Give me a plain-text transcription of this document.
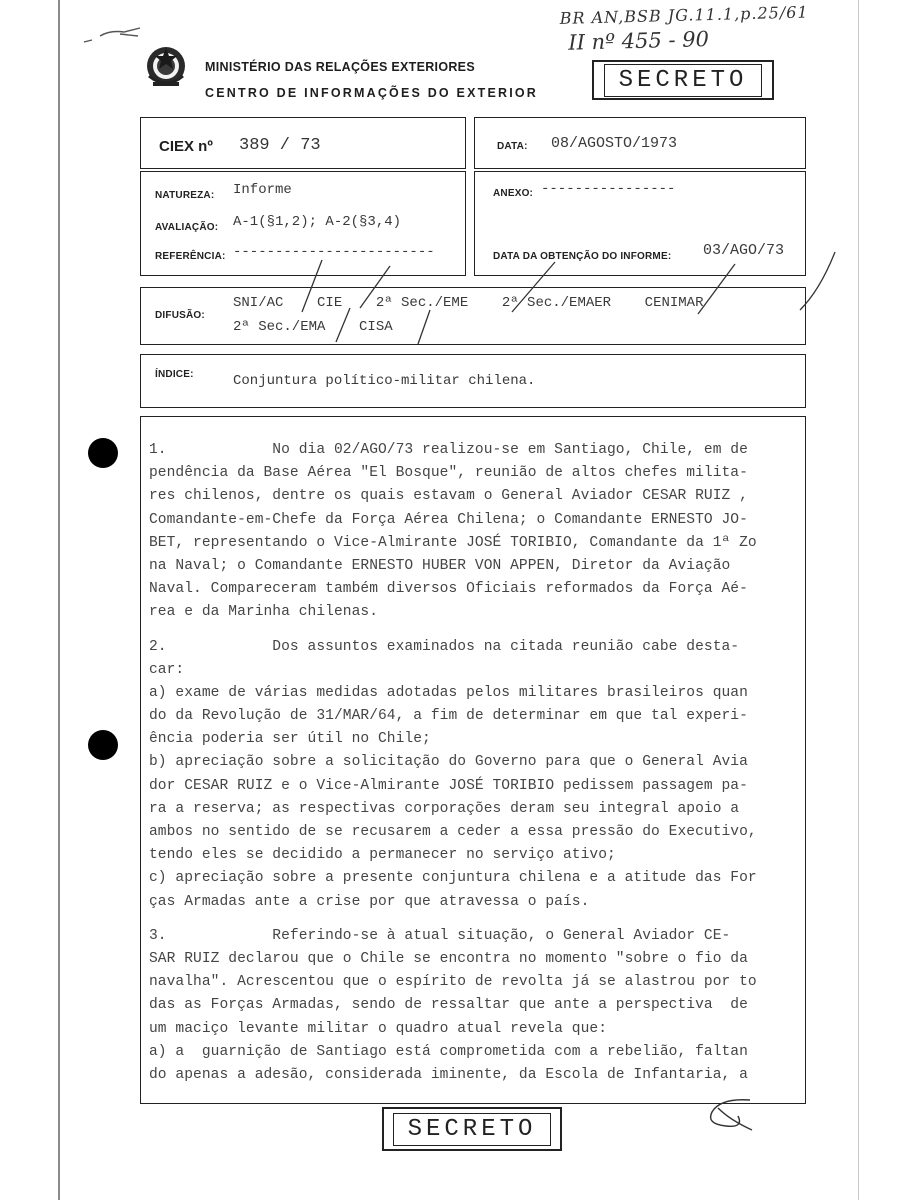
BR AN,BSB JG.11.1,p.25/61
II nº 455 - 90
MINISTÉRIO DAS RELAÇÕES EXTERIORES
CENTRO DE INFORMAÇÕES DO EXTERIOR	SECRETO
CIEX nº 389 / 73	DATA: 08/AGOSTO/1973
NATUREZA: Informe
AVALIAÇÃO: A-1(§1,2); A-2(§3,4)
REFERÊNCIA: ------------------------
ANEXO: ----------------
DATA DA OBTENÇÃO DO INFORME: 03/AGO/73
DIFUSÃO:
SNI/AC    CIE    2ª Sec./EME    2ª Sec./EMAER    CENIMAR
2ª Sec./EMA    CISA
ÍNDICE:	Conjuntura político-militar chilena.
1.            No dia 02/AGO/73 realizou-se em Santiago, Chile, em de
pendência da Base Aérea "El Bosque", reunião de altos chefes milita-
res chilenos, dentre os quais estavam o General Aviador CESAR RUIZ ,
Comandante-em-Chefe da Força Aérea Chilena; o Comandante ERNESTO JO-
BET, representando o Vice-Almirante JOSÉ TORIBIO, Comandante da 1ª Zo
na Naval; o Comandante ERNESTO HUBER VON APPEN, Diretor da Aviação
Naval. Compareceram também diversos Oficiais reformados da Força Aé-
rea e da Marinha chilenas.
2.            Dos assuntos examinados na citada reunião cabe desta-
car:
a) exame de várias medidas adotadas pelos militares brasileiros quan
do da Revolução de 31/MAR/64, a fim de determinar em que tal experi-
ência poderia ser útil no Chile;
b) apreciação sobre a solicitação do Governo para que o General Avia
dor CESAR RUIZ e o Vice-Almirante JOSÉ TORIBIO pedissem passagem pa-
ra a reserva; as respectivas corporações deram seu integral apoio a
ambos no sentido de se recusarem a ceder a essa pressão do Executivo,
tendo eles se decidido a permanecer no serviço ativo;
c) apreciação sobre a presente conjuntura chilena e a atitude das For
ças Armadas ante a crise por que atravessa o país.
3.            Referindo-se à atual situação, o General Aviador CE-
SAR RUIZ declarou que o Chile se encontra no momento "sobre o fio da
navalha". Acrescentou que o espírito de revolta já se alastrou por to
das as Forças Armadas, sendo de ressaltar que ante a perspectiva  de
um maciço levante militar o quadro atual revela que:
a) a  guarnição de Santiago está comprometida com a rebelião, faltan
do apenas a adesão, considerada iminente, da Escola de Infantaria, a
SECRETO
